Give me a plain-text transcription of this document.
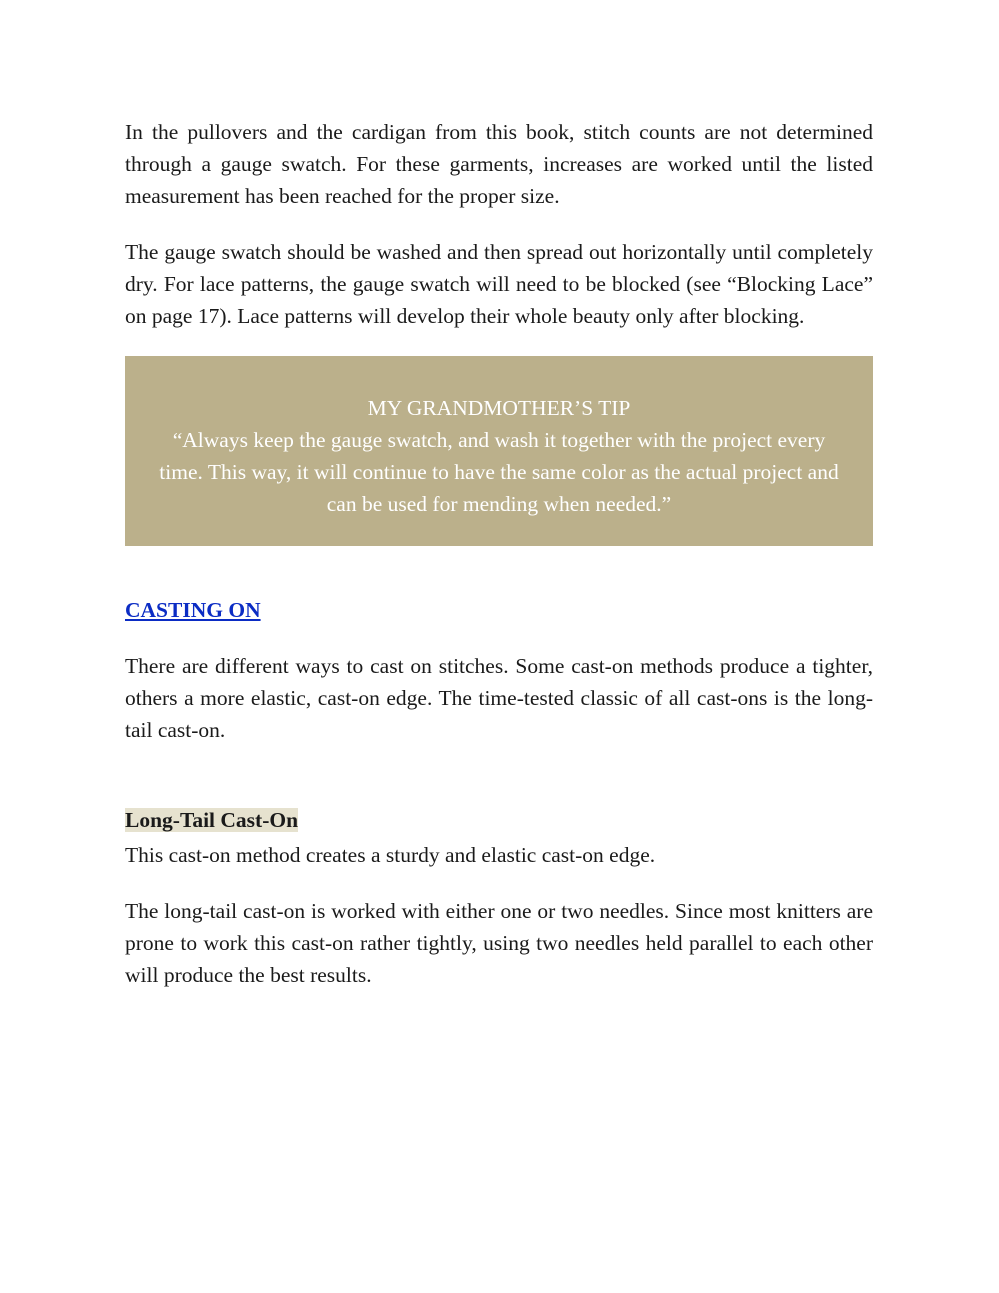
In the pullovers and the cardigan from this book, stitch counts are not determined through a gauge swatch. For these garments, increases are worked until the listed measurement has been reached for the proper size.

The gauge swatch should be washed and then spread out horizontally until completely dry. For lace patterns, the gauge swatch will need to be blocked (see “Blocking Lace” on page 17). Lace patterns will develop their whole beauty only after blocking.

MY GRANDMOTHER’S TIP

“Always keep the gauge swatch, and wash it together with the project every time. This way, it will continue to have the same color as the actual project and can be used for mending when needed.”

CASTING ON

There are different ways to cast on stitches. Some cast-on methods produce a tighter, others a more elastic, cast-on edge. The time-tested classic of all cast-ons is the long-tail cast-on.

Long-Tail Cast-On

This cast-on method creates a sturdy and elastic cast-on edge.

The long-tail cast-on is worked with either one or two needles. Since most knitters are prone to work this cast-on rather tightly, using two needles held parallel to each other will produce the best results.
